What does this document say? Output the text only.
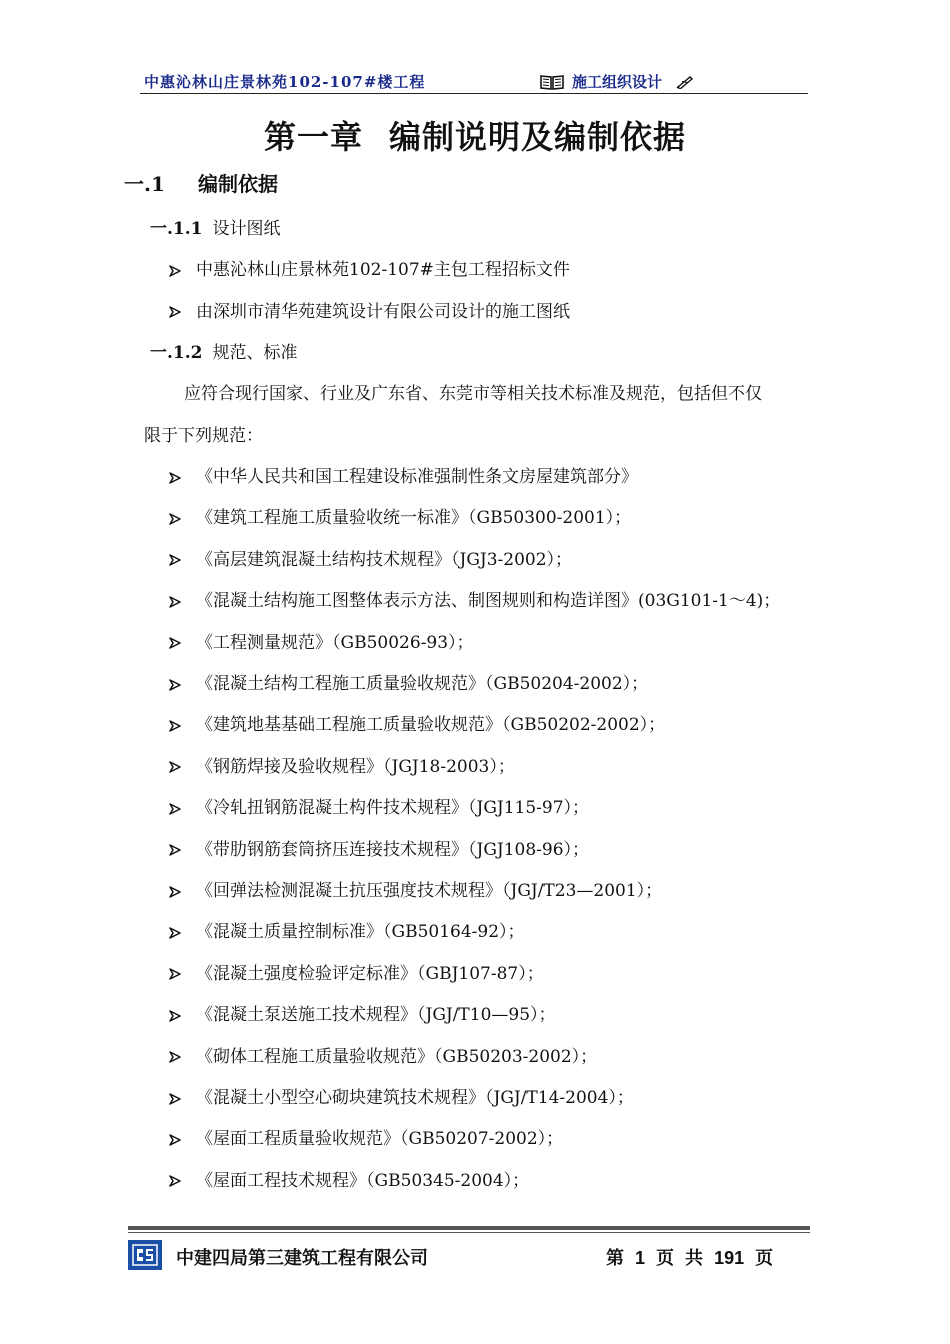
中惠沁林山庄景林苑102-107#楼工程	施工组织设计
第一章 编制说明及编制依据
一.1 编制依据
一.1.1 设计图纸
中惠沁林山庄景林苑102-107#主包工程招标文件
由深圳市清华苑建筑设计有限公司设计的施工图纸
一.1.2 规范、标准
应符合现行国家、行业及广东省、东莞市等相关技术标准及规范，包括但不仅
限于下列规范：
《中华人民共和国工程建设标准强制性条文房屋建筑部分》
《建筑工程施工质量验收统一标准》（GB50300-2001）；
《高层建筑混凝土结构技术规程》（JGJ3-2002）；
《混凝土结构施工图整体表示方法、制图规则和构造详图》(03G101-1～4)；
《工程测量规范》（GB50026-93）；
《混凝土结构工程施工质量验收规范》（GB50204-2002）；
《建筑地基基础工程施工质量验收规范》（GB50202-2002）；
《钢筋焊接及验收规程》（JGJ18-2003）；
《冷轧扭钢筋混凝土构件技术规程》（JGJ115-97）；
《带肋钢筋套筒挤压连接技术规程》（JGJ108-96）；
《回弹法检测混凝土抗压强度技术规程》（JGJ/T23—2001）；
《混凝土质量控制标准》（GB50164-92）；
《混凝土强度检验评定标准》（GBJ107-87）；
《混凝土泵送施工技术规程》（JGJ/T10—95）；
《砌体工程施工质量验收规范》（GB50203-2002）；
《混凝土小型空心砌块建筑技术规程》（JGJ/T14-2004）；
《屋面工程质量验收规范》（GB50207-2002）；
《屋面工程技术规程》（GB50345-2004）；
中建四局第三建筑工程有限公司	第 1 页 共 191 页
